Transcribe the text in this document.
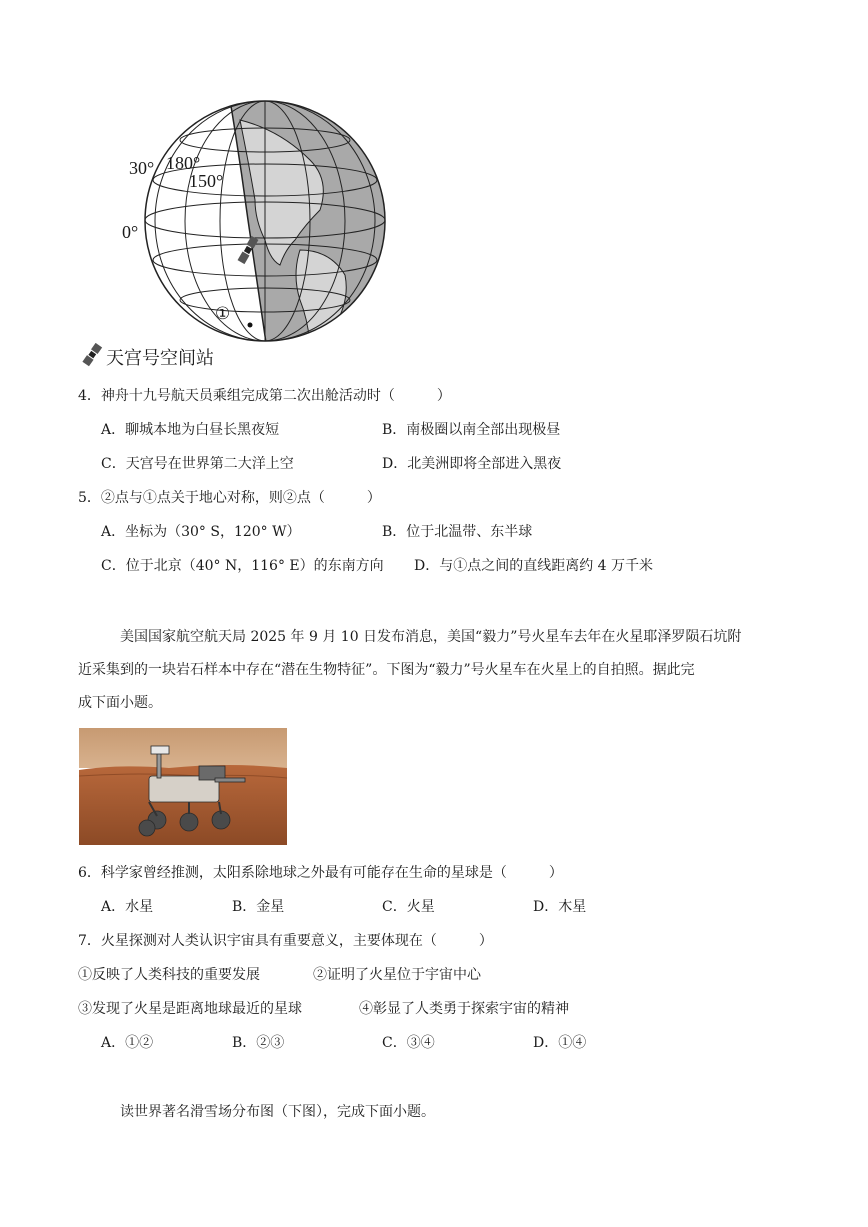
30°
0°
180°
150°
①
天宫号空间站
4．神舟十九号航天员乘组完成第二次出舱活动时（　　　）
A．聊城本地为白昼长黑夜短	B．南极圈以南全部出现极昼
C．天宫号在世界第二大洋上空	D．北美洲即将全部进入黑夜
5．②点与①点关于地心对称，则②点（　　　）
A．坐标为（30° S，120° W）	B．位于北温带、东半球
C．位于北京（40° N，116° E）的东南方向 D．与①点之间的直线距离约 4 万千米
美国国家航空航天局 2025 年 9 月 10 日发布消息，美国“毅力”号火星车去年在火星耶泽罗陨石坑附
近采集到的一块岩石样本中存在“潜在生物特征”。下图为“毅力”号火星车在火星上的自拍照。据此完
成下面小题。
6．科学家曾经推测，太阳系除地球之外最有可能存在生命的星球是（　　　）
A．水星	B．金星	C．火星	D．木星
7．火星探测对人类认识宇宙具有重要意义，主要体现在（　　　）
①反映了人类科技的重要发展	②证明了火星位于宇宙中心
③发现了火星是距离地球最近的星球	④彰显了人类勇于探索宇宙的精神
A．①②	B．②③	C．③④	D．①④
读世界著名滑雪场分布图（下图），完成下面小题。
